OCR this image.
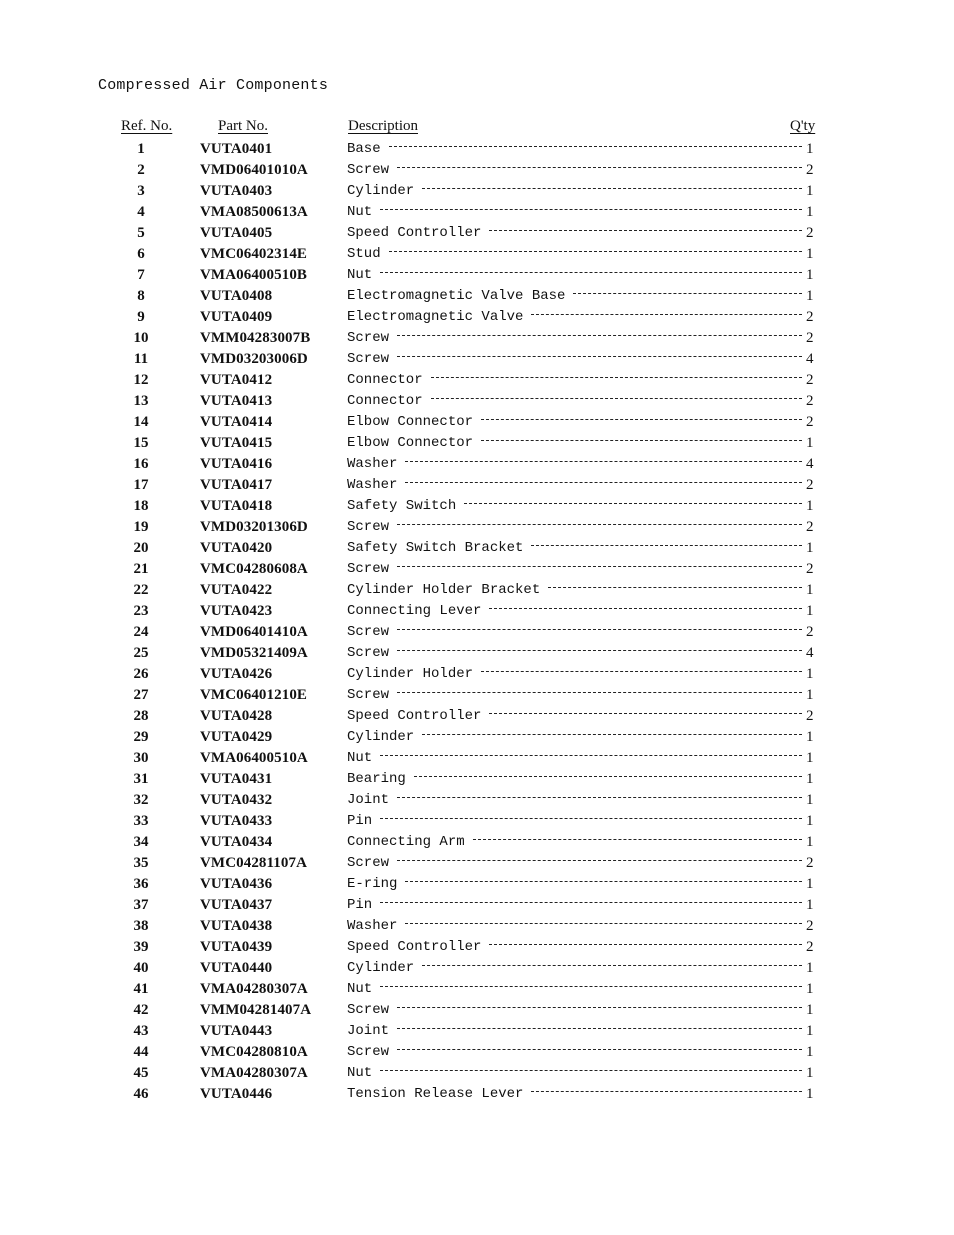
Compressed Air Components
Ref. No.	Part No.	Description	Q'ty
1	VUTA0401	Base	1
2	VMD06401010A	Screw	2
3	VUTA0403	Cylinder	1
4	VMA08500613A	Nut	1
5	VUTA0405	Speed Controller	2
6	VMC06402314E	Stud	1
7	VMA06400510B	Nut	1
8	VUTA0408	Electromagnetic Valve Base	1
9	VUTA0409	Electromagnetic Valve	2
10	VMM04283007B	Screw	2
11	VMD03203006D	Screw	4
12	VUTA0412	Connector	2
13	VUTA0413	Connector	2
14	VUTA0414	Elbow Connector	2
15	VUTA0415	Elbow Connector	1
16	VUTA0416	Washer	4
17	VUTA0417	Washer	2
18	VUTA0418	Safety Switch	1
19	VMD03201306D	Screw	2
20	VUTA0420	Safety Switch Bracket	1
21	VMC04280608A	Screw	2
22	VUTA0422	Cylinder Holder Bracket	1
23	VUTA0423	Connecting Lever	1
24	VMD06401410A	Screw	2
25	VMD05321409A	Screw	4
26	VUTA0426	Cylinder Holder	1
27	VMC06401210E	Screw	1
28	VUTA0428	Speed Controller	2
29	VUTA0429	Cylinder	1
30	VMA06400510A	Nut	1
31	VUTA0431	Bearing	1
32	VUTA0432	Joint	1
33	VUTA0433	Pin	1
34	VUTA0434	Connecting Arm	1
35	VMC04281107A	Screw	2
36	VUTA0436	E-ring	1
37	VUTA0437	Pin	1
38	VUTA0438	Washer	2
39	VUTA0439	Speed Controller	2
40	VUTA0440	Cylinder	1
41	VMA04280307A	Nut	1
42	VMM04281407A	Screw	1
43	VUTA0443	Joint	1
44	VMC04280810A	Screw	1
45	VMA04280307A	Nut	1
46	VUTA0446	Tension Release Lever	1
